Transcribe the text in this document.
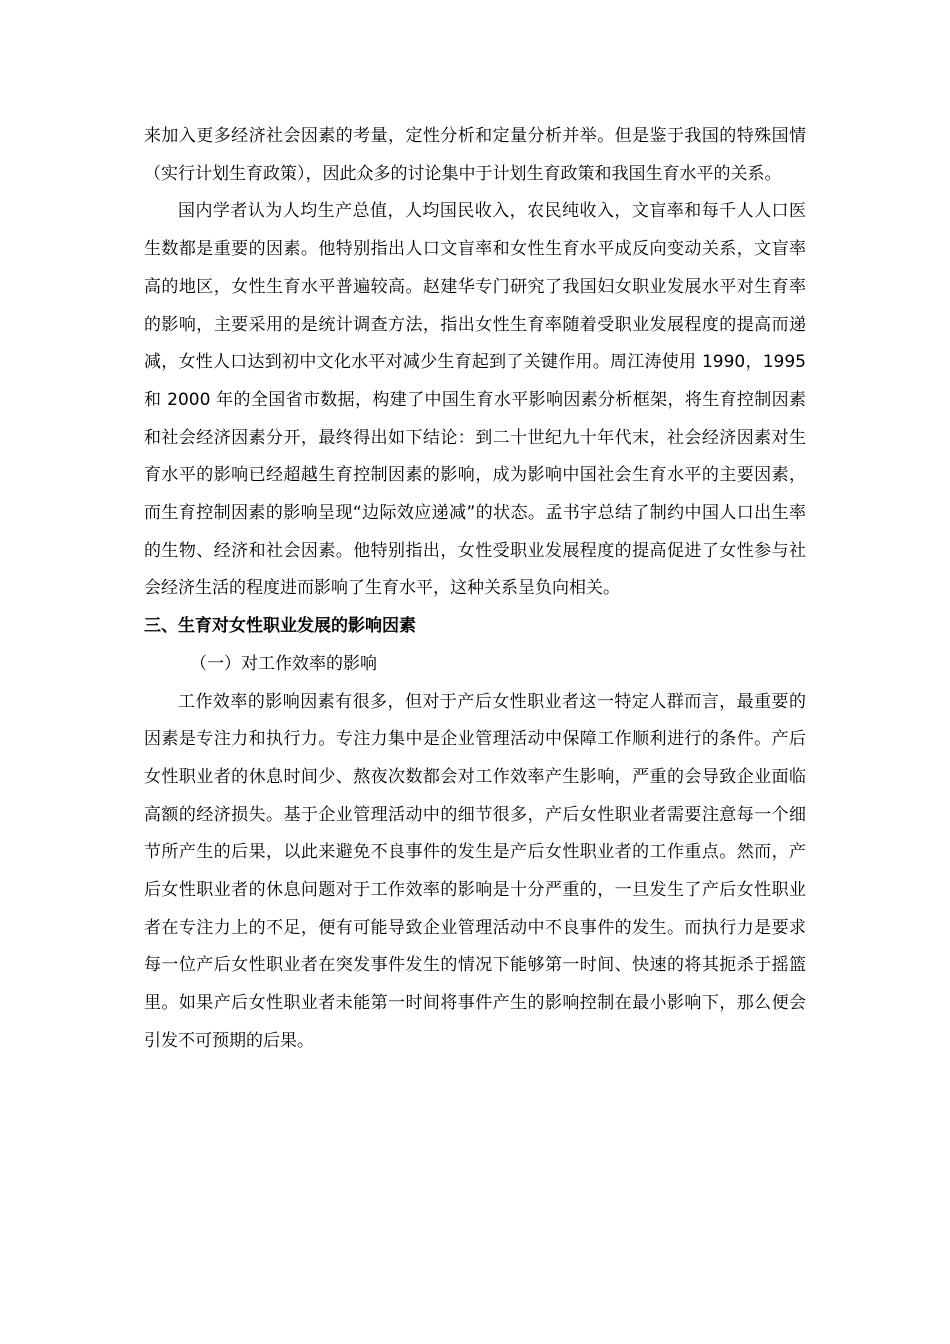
来加入更多经济社会因素的考量，定性分析和定量分析并举。但是鉴于我国的特殊国情（实行计划生育政策），因此众多的讨论集中于计划生育政策和我国生育水平的关系。

国内学者认为人均生产总值，人均国民收入，农民纯收入，文盲率和每千人人口医生数都是重要的因素。他特别指出人口文盲率和女性生育水平成反向变动关系，文盲率高的地区，女性生育水平普遍较高。赵建华专门研究了我国妇女职业发展水平对生育率的影响，主要采用的是统计调查方法，指出女性生育率随着受职业发展程度的提高而递减，女性人口达到初中文化水平对减少生育起到了关键作用。周江涛使用 1990，1995 和 2000 年的全国省市数据，构建了中国生育水平影响因素分析框架，将生育控制因素和社会经济因素分开，最终得出如下结论：到二十世纪九十年代末，社会经济因素对生育水平的影响已经超越生育控制因素的影响，成为影响中国社会生育水平的主要因素，而生育控制因素的影响呈现“边际效应递减”的状态。孟书宇总结了制约中国人口出生率的生物、经济和社会因素。他特别指出，女性受职业发展程度的提高促进了女性参与社会经济生活的程度进而影响了生育水平，这种关系呈负向相关。

三、生育对女性职业发展的影响因素

（一）对工作效率的影响

工作效率的影响因素有很多，但对于产后女性职业者这一特定人群而言，最重要的因素是专注力和执行力。专注力集中是企业管理活动中保障工作顺利进行的条件。产后女性职业者的休息时间少、熬夜次数都会对工作效率产生影响，严重的会导致企业面临高额的经济损失。基于企业管理活动中的细节很多，产后女性职业者需要注意每一个细节所产生的后果，以此来避免不良事件的发生是产后女性职业者的工作重点。然而，产后女性职业者的休息问题对于工作效率的影响是十分严重的，一旦发生了产后女性职业者在专注力上的不足，便有可能导致企业管理活动中不良事件的发生。而执行力是要求每一位产后女性职业者在突发事件发生的情况下能够第一时间、快速的将其扼杀于摇篮里。如果产后女性职业者未能第一时间将事件产生的影响控制在最小影响下，那么便会引发不可预期的后果。
